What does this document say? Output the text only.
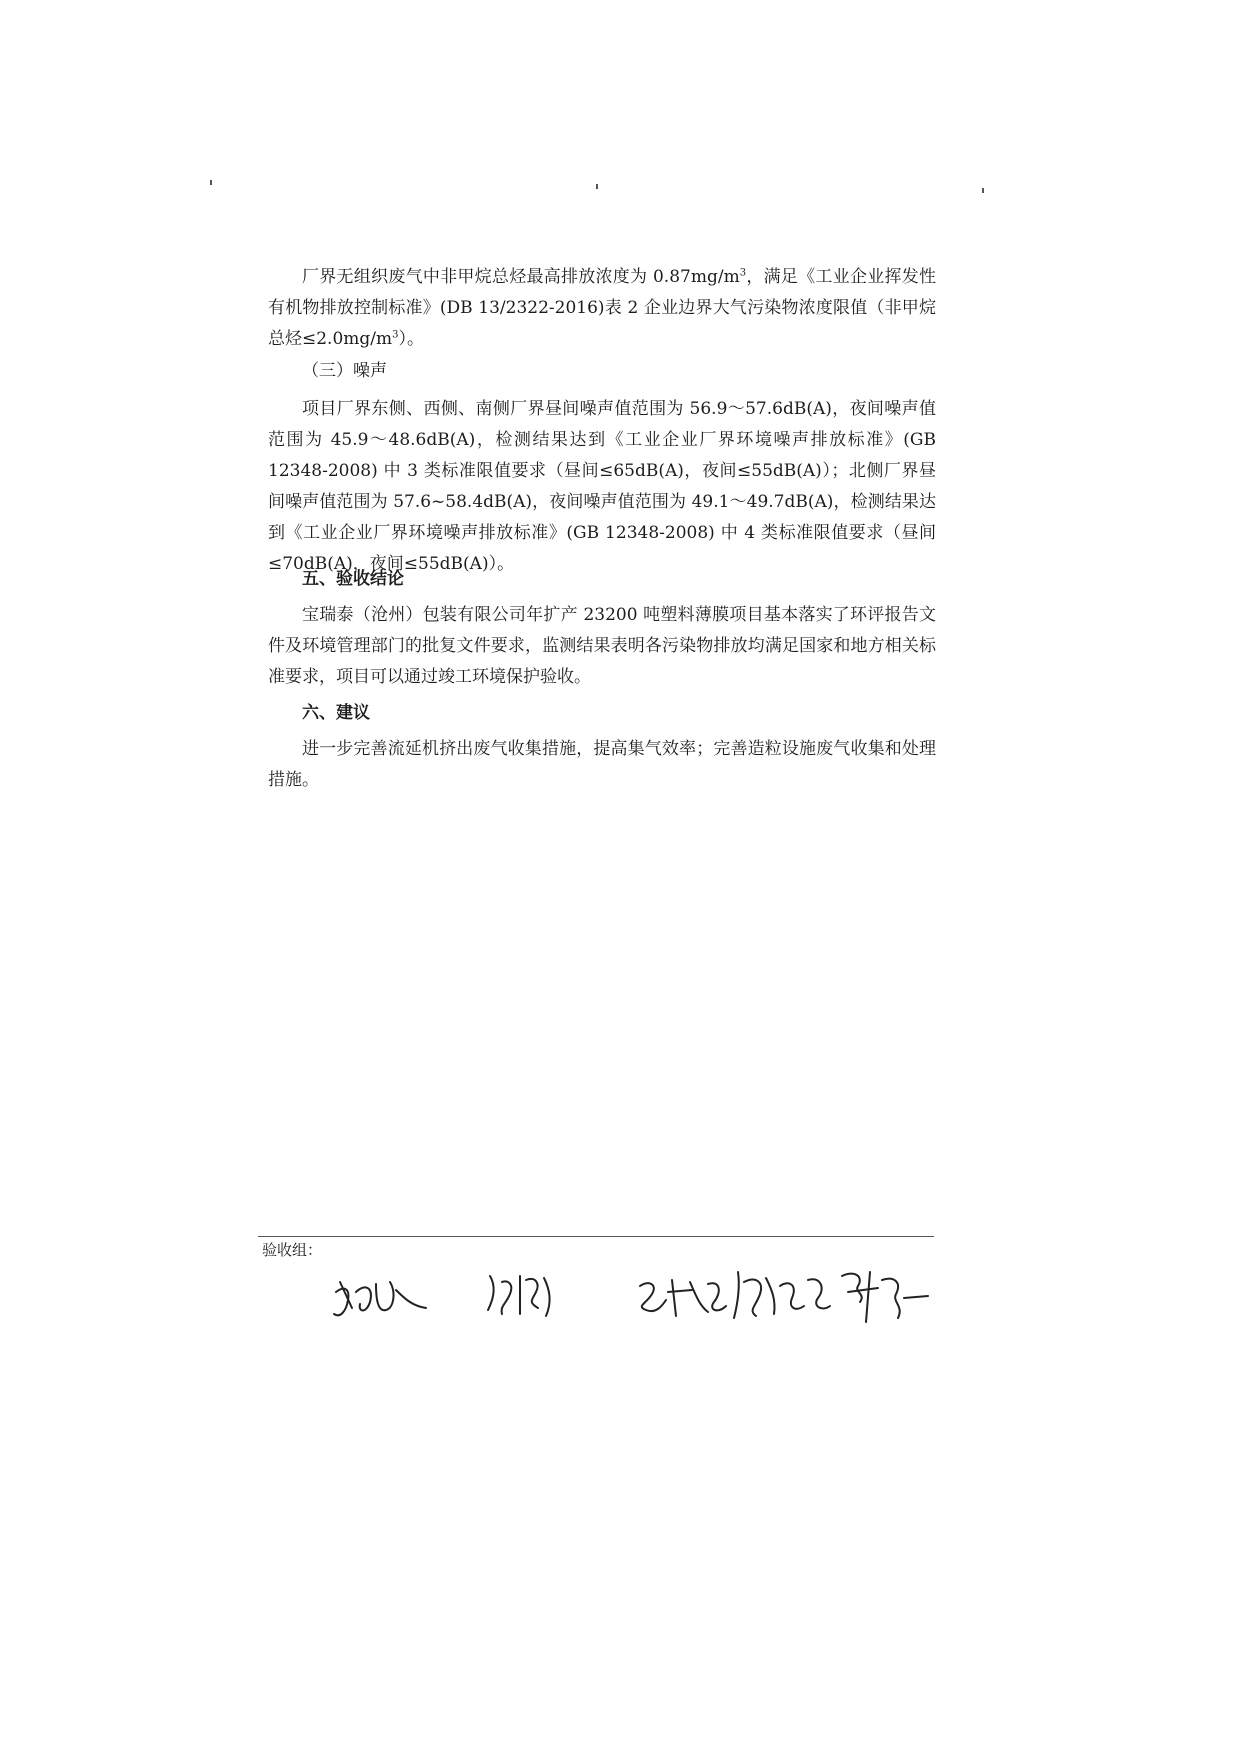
厂界无组织废气中非甲烷总烃最高排放浓度为 $0.87mg/m^3$，满足《工业企业挥发性有机物排放控制标准》(DB 13/2322-2016)表 2 企业边界大气污染物浓度限值（非甲烷总烃$\le 2.0mg/m^3$）。

（三）噪声

项目厂界东侧、西侧、南侧厂界昼间噪声值范围为 56.9～57.6dB(A)，夜间噪声值范围为 45.9～48.6dB(A)，检测结果达到《工业企业厂界环境噪声排放标准》(GB 12348-2008) 中 3 类标准限值要求（昼间≤65dB(A)，夜间≤55dB(A)）；北侧厂界昼间噪声值范围为 57.6~58.4dB(A)，夜间噪声值范围为 49.1～49.7dB(A)，检测结果达到《工业企业厂界环境噪声排放标准》(GB 12348-2008) 中 4 类标准限值要求（昼间≤70dB(A)，夜间≤55dB(A)）。

五、验收结论

宝瑞泰（沧州）包装有限公司年扩产 23200 吨塑料薄膜项目基本落实了环评报告文件及环境管理部门的批复文件要求，监测结果表明各污染物排放均满足国家和地方相关标准要求，项目可以通过竣工环境保护验收。

六、建议

进一步完善流延机挤出废气收集措施，提高集气效率；完善造粒设施废气收集和处理措施。

验收组：
